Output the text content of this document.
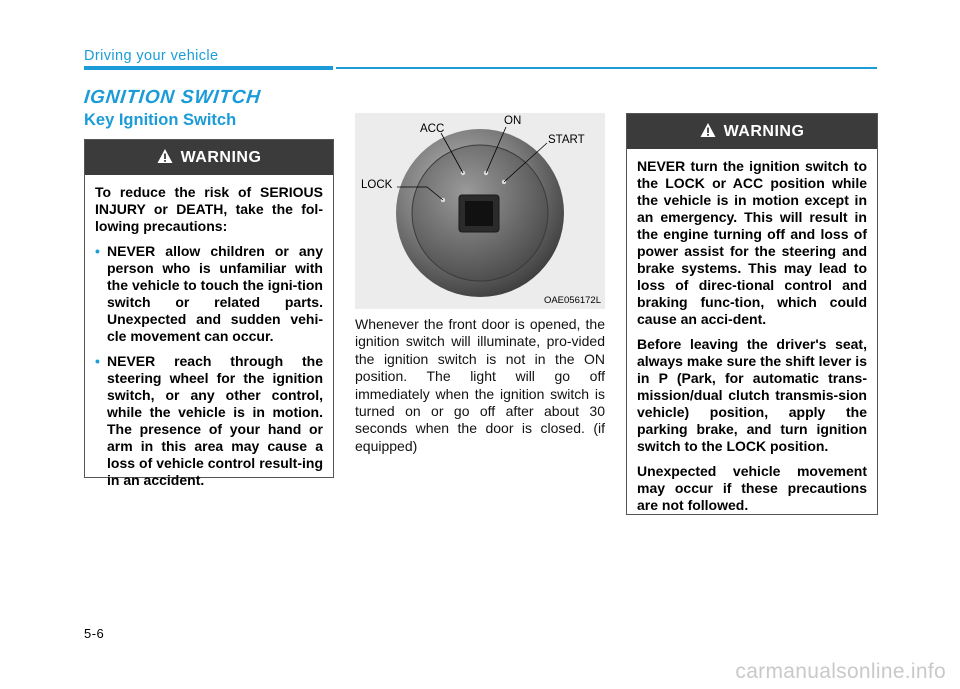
Driving your vehicle
IGNITION SWITCH
Key Ignition Switch
WARNING

To reduce the risk of SERIOUS INJURY or DEATH, take the fol-lowing precautions:

• NEVER allow children or any person who is unfamiliar with the vehicle to touch the igni-tion switch or related parts. Unexpected and sudden vehi-cle movement can occur.
• NEVER reach through the steering wheel for the ignition switch, or any other control, while the vehicle is in motion. The presence of your hand or arm in this area may cause a loss of vehicle control result-ing in an accident.
LOCK
ACC
ON
START
OAE056172L
Whenever the front door is opened, the ignition switch will illuminate, pro-vided the ignition switch is not in the ON position. The light will go off immediately when the ignition switch is turned on or go off after about 30 seconds when the door is closed. (if equipped)
WARNING

NEVER turn the ignition switch to the LOCK or ACC position while the vehicle is in motion except in an emergency. This will result in the engine turning off and loss of power assist for the steering and brake systems. This may lead to loss of direc-tional control and braking func-tion, which could cause an acci-dent.

Before leaving the driver's seat, always make sure the shift lever is in P (Park, for automatic trans-mission/dual clutch transmis-sion vehicle) position, apply the parking brake, and turn ignition switch to the LOCK position.

Unexpected vehicle movement may occur if these precautions are not followed.

5-6
carmanualsonline.info
